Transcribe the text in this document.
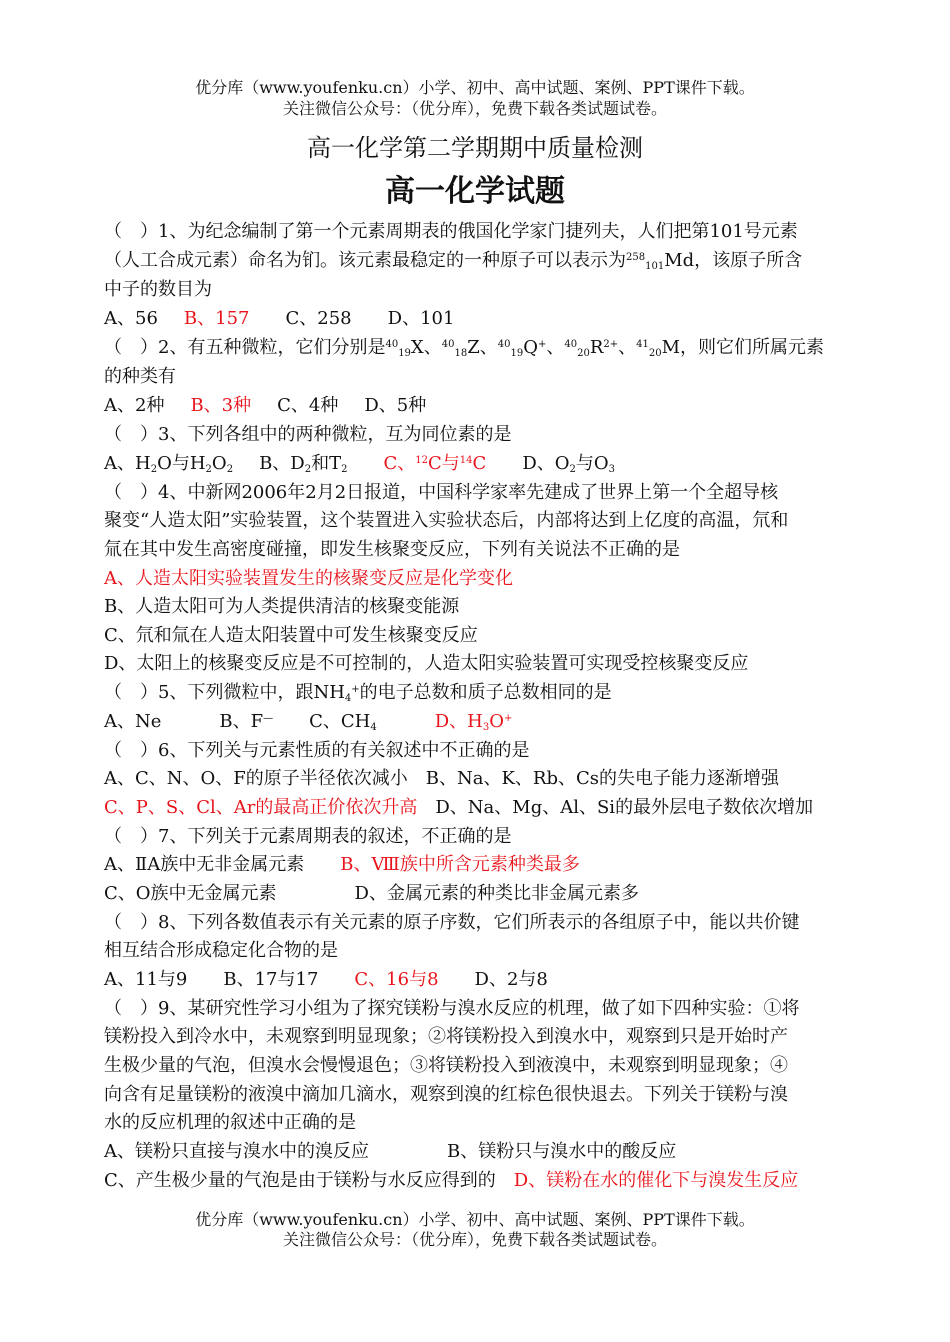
优分库（www.youfenku.cn）小学、初中、高中试题、案例、PPT课件下载。
关注微信公众号：（优分库），免费下载各类试题试卷。
高一化学第二学期期中质量检测
高一化学试题
（　）1、为纪念编制了第一个元素周期表的俄国化学家门捷列夫，人们把第101号元素
（人工合成元素）命名为钔。该元素最稳定的一种原子可以表示为$^{258}_{101}$Md，该原子所含
中子的数目为
A、56 B、157 C、258 D、101
（　）2、有五种微粒，它们分别是$^{40}_{19}$X、$^{40}_{18}$Z、$^{40}_{19}$Q+、$^{40}_{20}R^{2+}$、$^{41}_{20}$M，则它们所属元素
的种类有
A、2种 B、3种 C、4种 D、5种
（　）3、下列各组中的两种微粒，互为同位素的是
A、$H_2O$与$H_2O_2$ B、$D_2$和$T_2$ C、$^{12}$C与$^{14}$C D、$O_2$与$O_3$
（　）4、中新网2006年2月2日报道，中国科学家率先建成了世界上第一个全超导核
聚变“人造太阳”实验装置，这个装置进入实验状态后，内部将达到上亿度的高温，氘和
氚在其中发生高密度碰撞，即发生核聚变反应，下列有关说法不正确的是
A、人造太阳实验装置发生的核聚变反应是化学变化
B、人造太阳可为人类提供清洁的核聚变能源
C、氘和氚在人造太阳装置中可发生核聚变反应
D、太阳上的核聚变反应是不可控制的，人造太阳实验装置可实现受控核聚变反应
（　）5、下列微粒中，跟$NH_4^+$的电子总数和质子总数相同的是
A、Ne	B、F— C、$CH_4$	D、$H_3O^+$
（　）6、下列关与元素性质的有关叙述中不正确的是
A、C、N、O、F的原子半径依次减小 B、Na、K、Rb、Cs的失电子能力逐渐增强
C、P、S、Cl、Ar的最高正价依次升高 D、Na、Mg、Al、Si的最外层电子数依次增加
（　）7、下列关于元素周期表的叙述，不正确的是
A、ⅡA族中无非金属元素 B、Ⅷ族中所含元素种类最多
C、O族中无金属元素	D、金属元素的种类比非金属元素多
（　）8、下列各数值表示有关元素的原子序数，它们所表示的各组原子中，能以共价键
相互结合形成稳定化合物的是
A、11与9 B、17与17 C、16与8 D、2与8
（　）9、某研究性学习小组为了探究镁粉与溴水反应的机理，做了如下四种实验：①将
镁粉投入到冷水中，未观察到明显现象；②将镁粉投入到溴水中，观察到只是开始时产
生极少量的气泡，但溴水会慢慢退色；③将镁粉投入到液溴中，未观察到明显现象；④
向含有足量镁粉的液溴中滴加几滴水，观察到溴的红棕色很快退去。下列关于镁粉与溴
水的反应机理的叙述中正确的是
A、镁粉只直接与溴水中的溴反应	B、镁粉只与溴水中的酸反应
C、产生极少量的气泡是由于镁粉与水反应得到的 D、镁粉在水的催化下与溴发生反应
优分库（www.youfenku.cn）小学、初中、高中试题、案例、PPT课件下载。
关注微信公众号：（优分库），免费下载各类试题试卷。
